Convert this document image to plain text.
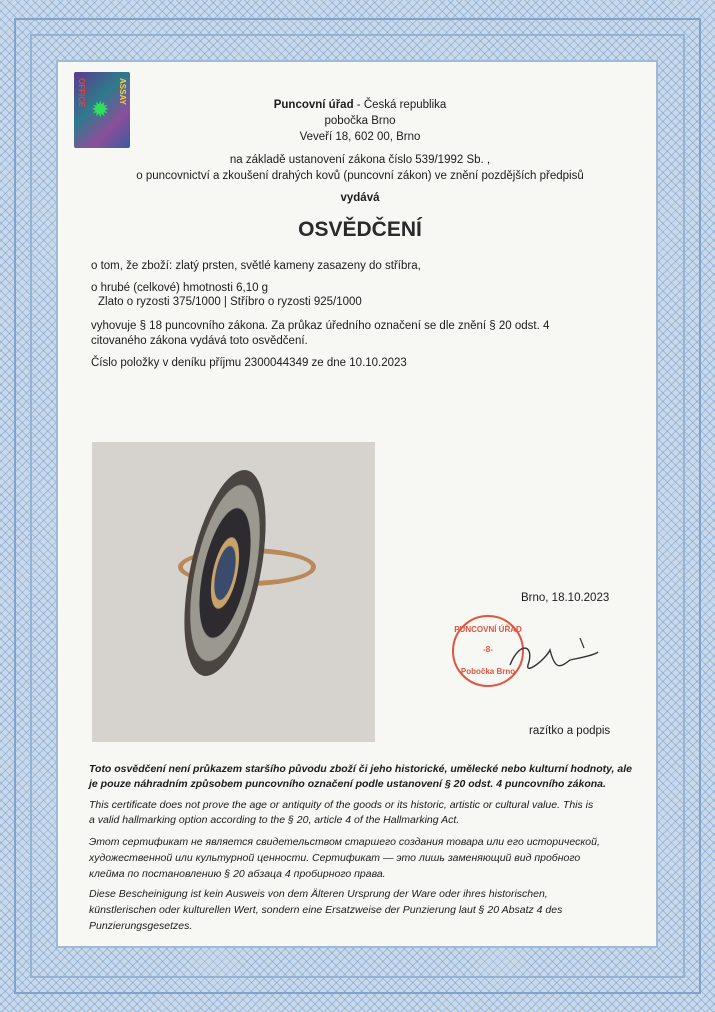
OFFICE	ASSAY
✹	Puncovní úřad - Česká republika
pobočka Brno
Veveří 18, 602 00, Brno
na základě ustanovení zákona číslo 539/1992 Sb. ,
o puncovnictví a zkoušení drahých kovů (puncovní zákon) ve znění pozdějších předpisů
vydává
OSVĚDČENÍ
o tom, že zboží: zlatý prsten, světlé kameny zasazeny do stříbra,
o hrubé (celkové) hmotnosti 6,10 g
Zlato o ryzosti 375/1000 | Stříbro o ryzosti 925/1000
vyhovuje § 18 puncovního zákona. Za průkaz úředního označení se dle znění § 20 odst. 4
citovaného zákona vydává toto osvědčení.
Číslo položky v deníku příjmu 2300044349 ze dne 10.10.2023
Brno, 18.10.2023
PUNCOVNÍ ÚŘAD
-8-
Pobočka Brno
razítko a podpis
Toto osvědčení není průkazem staršího původu zboží či jeho historické, umělecké nebo kulturní hodnoty, ale
je pouze náhradním způsobem puncovního označení podle ustanovení § 20 odst. 4 puncovního zákona.
This certificate does not prove the age or antiquity of the goods or its historic, artistic or cultural value. This is
a valid hallmarking option according to the § 20, article 4 of the Hallmarking Act.
Этот сертификат не является свидетельством старшего создания товара или его исторической,
художественной или культурной ценности. Сертификат — это лишь заменяющий вид пробного
клейма по постановлению § 20 абзаца 4 пробирного права.
Diese Bescheinigung ist kein Ausweis von dem Älteren Ursprung der Ware oder ihres historischen,
künstlerischen oder kulturellen Wert, sondern eine Ersatzweise der Punzierung laut § 20 Absatz 4 des
Punzierungsgesetzes.
